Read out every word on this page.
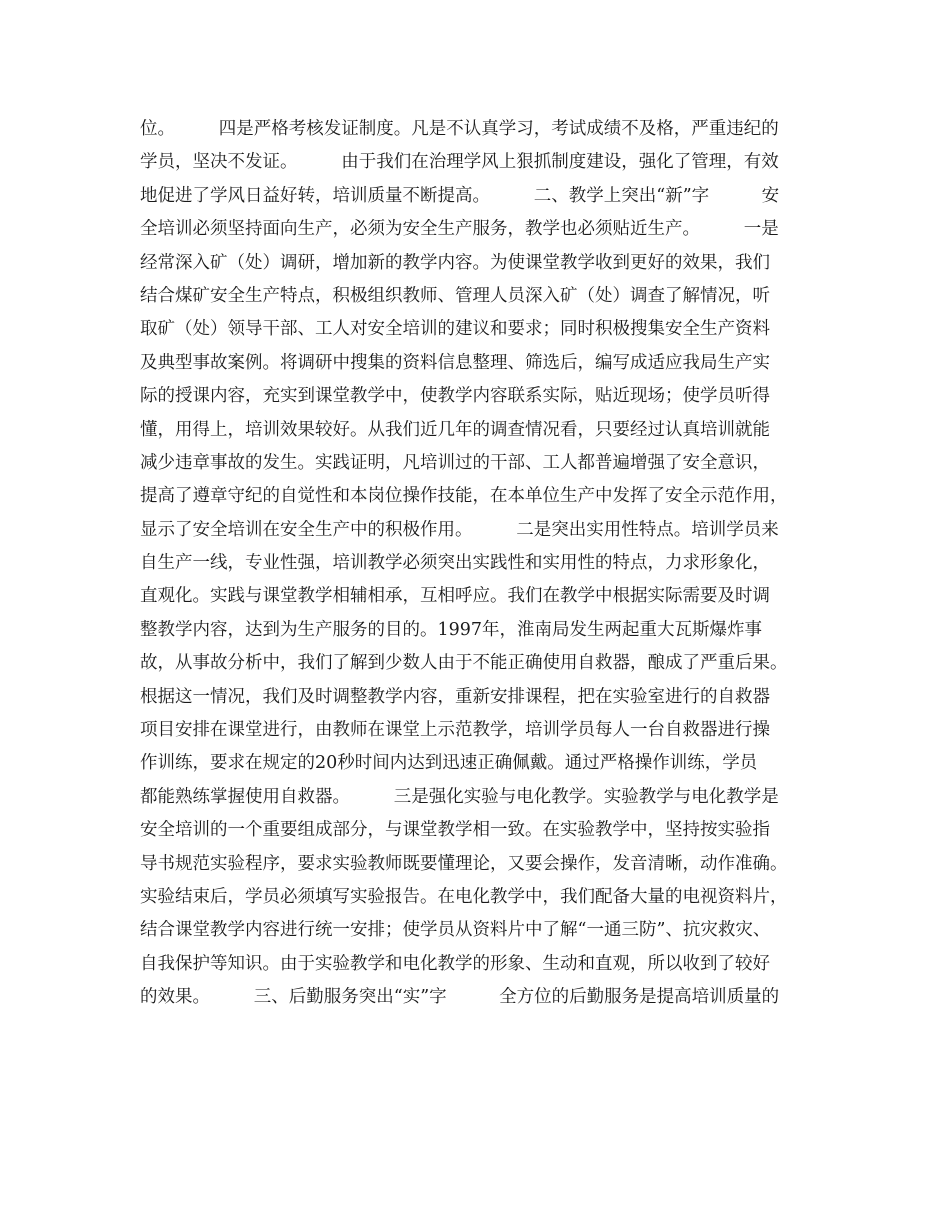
位。　　　四是严格考核发证制度。凡是不认真学习，考试成绩不及格，严重违纪的
学员，坚决不发证。　　　由于我们在治理学风上狠抓制度建设，强化了管理，有效
地促进了学风日益好转，培训质量不断提高。　　　二、教学上突出“新”字　　　安
全培训必须坚持面向生产，必须为安全生产服务，教学也必须贴近生产。　　　一是
经常深入矿（处）调研，增加新的教学内容。为使课堂教学收到更好的效果，我们
结合煤矿安全生产特点，积极组织教师、管理人员深入矿（处）调查了解情况，听
取矿（处）领导干部、工人对安全培训的建议和要求；同时积极搜集安全生产资料
及典型事故案例。将调研中搜集的资料信息整理、筛选后，编写成适应我局生产实
际的授课内容，充实到课堂教学中，使教学内容联系实际，贴近现场；使学员听得
懂，用得上，培训效果较好。从我们近几年的调查情况看，只要经过认真培训就能
减少违章事故的发生。实践证明，凡培训过的干部、工人都普遍增强了安全意识，
提高了遵章守纪的自觉性和本岗位操作技能，在本单位生产中发挥了安全示范作用，
显示了安全培训在安全生产中的积极作用。　　　二是突出实用性特点。培训学员来
自生产一线，专业性强，培训教学必须突出实践性和实用性的特点，力求形象化，
直观化。实践与课堂教学相辅相承，互相呼应。我们在教学中根据实际需要及时调
整教学内容，达到为生产服务的目的。1997年，淮南局发生两起重大瓦斯爆炸事
故，从事故分析中，我们了解到少数人由于不能正确使用自救器，酿成了严重后果。
根据这一情况，我们及时调整教学内容，重新安排课程，把在实验室进行的自救器
项目安排在课堂进行，由教师在课堂上示范教学，培训学员每人一台自救器进行操
作训练，要求在规定的20秒时间内达到迅速正确佩戴。通过严格操作训练，学员
都能熟练掌握使用自救器。　　　三是强化实验与电化教学。实验教学与电化教学是
安全培训的一个重要组成部分，与课堂教学相一致。在实验教学中，坚持按实验指
导书规范实验程序，要求实验教师既要懂理论，又要会操作，发音清晰，动作准确。
实验结束后，学员必须填写实验报告。在电化教学中，我们配备大量的电视资料片，
结合课堂教学内容进行统一安排；使学员从资料片中了解“一通三防”、抗灾救灾、
自我保护等知识。由于实验教学和电化教学的形象、生动和直观，所以收到了较好
的效果。　　　三、后勤服务突出“实”字　　　全方位的后勤服务是提高培训质量的
